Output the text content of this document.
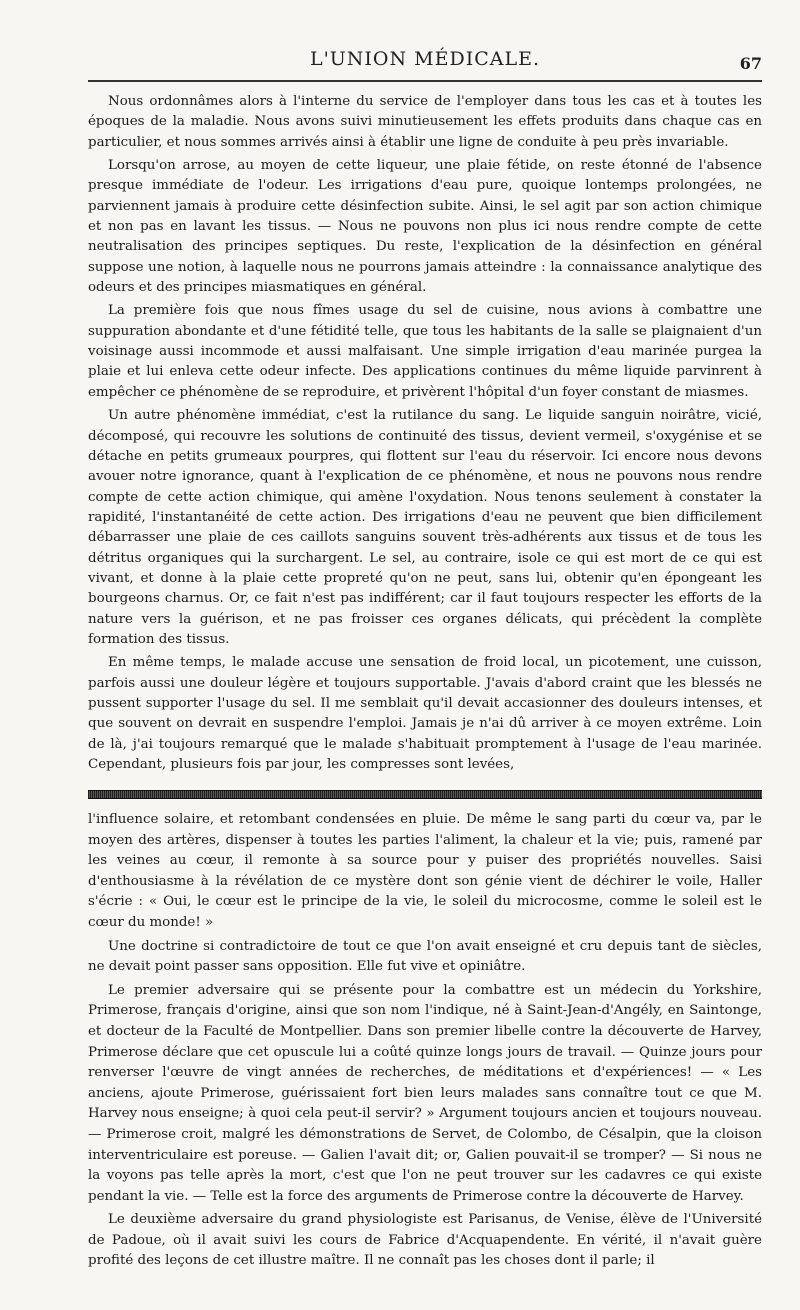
L'UNION MÉDICALE.	67

Nous ordonnâmes alors à l'interne du service de l'employer dans tous les cas et à toutes les époques de la maladie. Nous avons suivi minutieusement les effets produits dans chaque cas en particulier, et nous sommes arrivés ainsi à établir une ligne de conduite à peu près invariable.

Lorsqu'on arrose, au moyen de cette liqueur, une plaie fétide, on reste étonné de l'absence presque immédiate de l'odeur. Les irrigations d'eau pure, quoique lontemps prolongées, ne parviennent jamais à produire cette désinfection subite. Ainsi, le sel agit par son action chimique et non pas en lavant les tissus. — Nous ne pouvons non plus ici nous rendre compte de cette neutralisation des principes septiques. Du reste, l'explication de la désinfection en général suppose une notion, à laquelle nous ne pourrons jamais atteindre : la connaissance analytique des odeurs et des principes miasmatiques en général.

La première fois que nous fîmes usage du sel de cuisine, nous avions à combattre une suppuration abondante et d'une fétidité telle, que tous les habitants de la salle se plaignaient d'un voisinage aussi incommode et aussi malfaisant. Une simple irrigation d'eau marinée purgea la plaie et lui enleva cette odeur infecte. Des applications continues du même liquide parvinrent à empêcher ce phénomène de se reproduire, et privèrent l'hôpital d'un foyer constant de miasmes.

Un autre phénomène immédiat, c'est la rutilance du sang. Le liquide sanguin noirâtre, vicié, décomposé, qui recouvre les solutions de continuité des tissus, devient vermeil, s'oxygénise et se détache en petits grumeaux pourpres, qui flottent sur l'eau du réservoir. Ici encore nous devons avouer notre ignorance, quant à l'explication de ce phénomène, et nous ne pouvons nous rendre compte de cette action chimique, qui amène l'oxydation. Nous tenons seulement à constater la rapidité, l'instantanéité de cette action. Des irrigations d'eau ne peuvent que bien difficilement débarrasser une plaie de ces caillots sanguins souvent très-adhérents aux tissus et de tous les détritus organiques qui la surchargent. Le sel, au contraire, isole ce qui est mort de ce qui est vivant, et donne à la plaie cette propreté qu'on ne peut, sans lui, obtenir qu'en épongeant les bourgeons charnus. Or, ce fait n'est pas indifférent; car il faut toujours respecter les efforts de la nature vers la guérison, et ne pas froisser ces organes délicats, qui précèdent la complète formation des tissus.

En même temps, le malade accuse une sensation de froid local, un picotement, une cuisson, parfois aussi une douleur légère et toujours supportable. J'avais d'abord craint que les blessés ne pussent supporter l'usage du sel. Il me semblait qu'il devait accasionner des douleurs intenses, et que souvent on devrait en suspendre l'emploi. Jamais je n'ai dû arriver à ce moyen extrême. Loin de là, j'ai toujours remarqué que le malade s'habituait promptement à l'usage de l'eau marinée. Cependant, plusieurs fois par jour, les compresses sont levées,

l'influence solaire, et retombant condensées en pluie. De même le sang parti du cœur va, par le moyen des artères, dispenser à toutes les parties l'aliment, la chaleur et la vie; puis, ramené par les veines au cœur, il remonte à sa source pour y puiser des propriétés nouvelles. Saisi d'enthousiasme à la révélation de ce mystère dont son génie vient de déchirer le voile, Haller s'écrie : « Oui, le cœur est le principe de la vie, le soleil du microcosme, comme le soleil est le cœur du monde! »

Une doctrine si contradictoire de tout ce que l'on avait enseigné et cru depuis tant de siècles, ne devait point passer sans opposition. Elle fut vive et opiniâtre.

Le premier adversaire qui se présente pour la combattre est un médecin du Yorkshire, Primerose, français d'origine, ainsi que son nom l'indique, né à Saint-Jean-d'Angély, en Saintonge, et docteur de la Faculté de Montpellier. Dans son premier libelle contre la découverte de Harvey, Primerose déclare que cet opuscule lui a coûté quinze longs jours de travail. — Quinze jours pour renverser l'œuvre de vingt années de recherches, de méditations et d'expériences! — « Les anciens, ajoute Primerose, guérissaient fort bien leurs malades sans connaître tout ce que M. Harvey nous enseigne; à quoi cela peut-il servir? » Argument toujours ancien et toujours nouveau. — Primerose croit, malgré les démonstrations de Servet, de Colombo, de Césalpin, que la cloison interventriculaire est poreuse. — Galien l'avait dit; or, Galien pouvait-il se tromper? — Si nous ne la voyons pas telle après la mort, c'est que l'on ne peut trouver sur les cadavres ce qui existe pendant la vie. — Telle est la force des arguments de Primerose contre la découverte de Harvey.

Le deuxième adversaire du grand physiologiste est Parisanus, de Venise, élève de l'Université de Padoue, où il avait suivi les cours de Fabrice d'Acquapendente. En vérité, il n'avait guère profité des leçons de cet illustre maître. Il ne connaît pas les choses dont il parle; il
